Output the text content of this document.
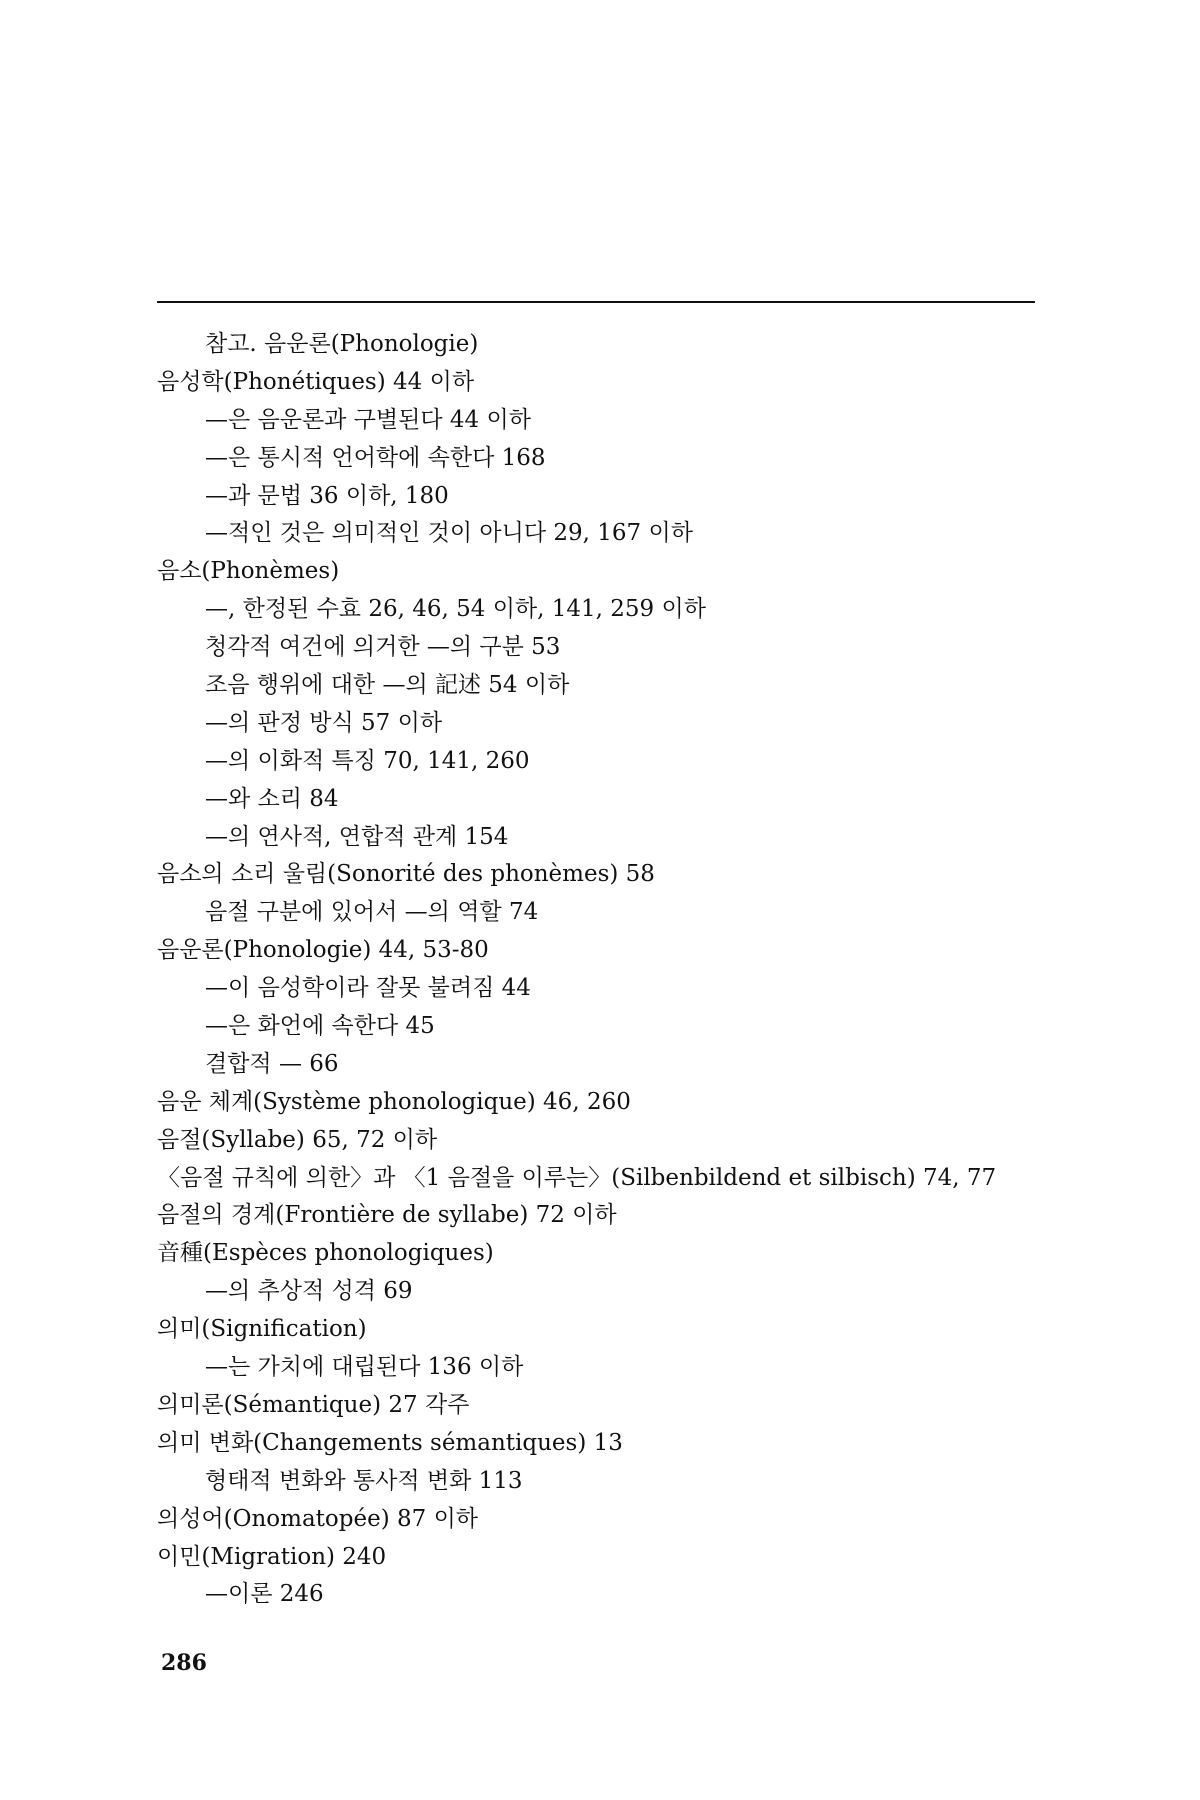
참고. 음운론(Phonologie)
음성학(Phonétiques) 44 이하
—은 음운론과 구별된다 44 이하
—은 통시적 언어학에 속한다 168
—과 문법 36 이하, 180
—적인 것은 의미적인 것이 아니다 29, 167 이하
음소(Phonèmes)
—, 한정된 수효 26, 46, 54 이하, 141, 259 이하
청각적 여건에 의거한 —의 구분 53
조음 행위에 대한 —의 記述 54 이하
—의 판정 방식 57 이하
—의 이화적 특징 70, 141, 260
—와 소리 84
—의 연사적, 연합적 관계 154
음소의 소리 울림(Sonorité des phonèmes) 58
음절 구분에 있어서 —의 역할 74
음운론(Phonologie) 44, 53-80
—이 음성학이라 잘못 불려짐 44
—은 화언에 속한다 45
결합적 — 66
음운 체계(Système phonologique) 46, 260
음절(Syllabe) 65, 72 이하
〈음절 규칙에 의한〉과 〈1 음절을 이루는〉(Silbenbildend et silbisch) 74, 77
음절의 경계(Frontière de syllabe) 72 이하
音種(Espèces phonologiques)
—의 추상적 성격 69
의미(Signification)
—는 가치에 대립된다 136 이하
의미론(Sémantique) 27 각주
의미 변화(Changements sémantiques) 13
형태적 변화와 통사적 변화 113
의성어(Onomatopée) 87 이하
이민(Migration) 240
—이론 246
286
